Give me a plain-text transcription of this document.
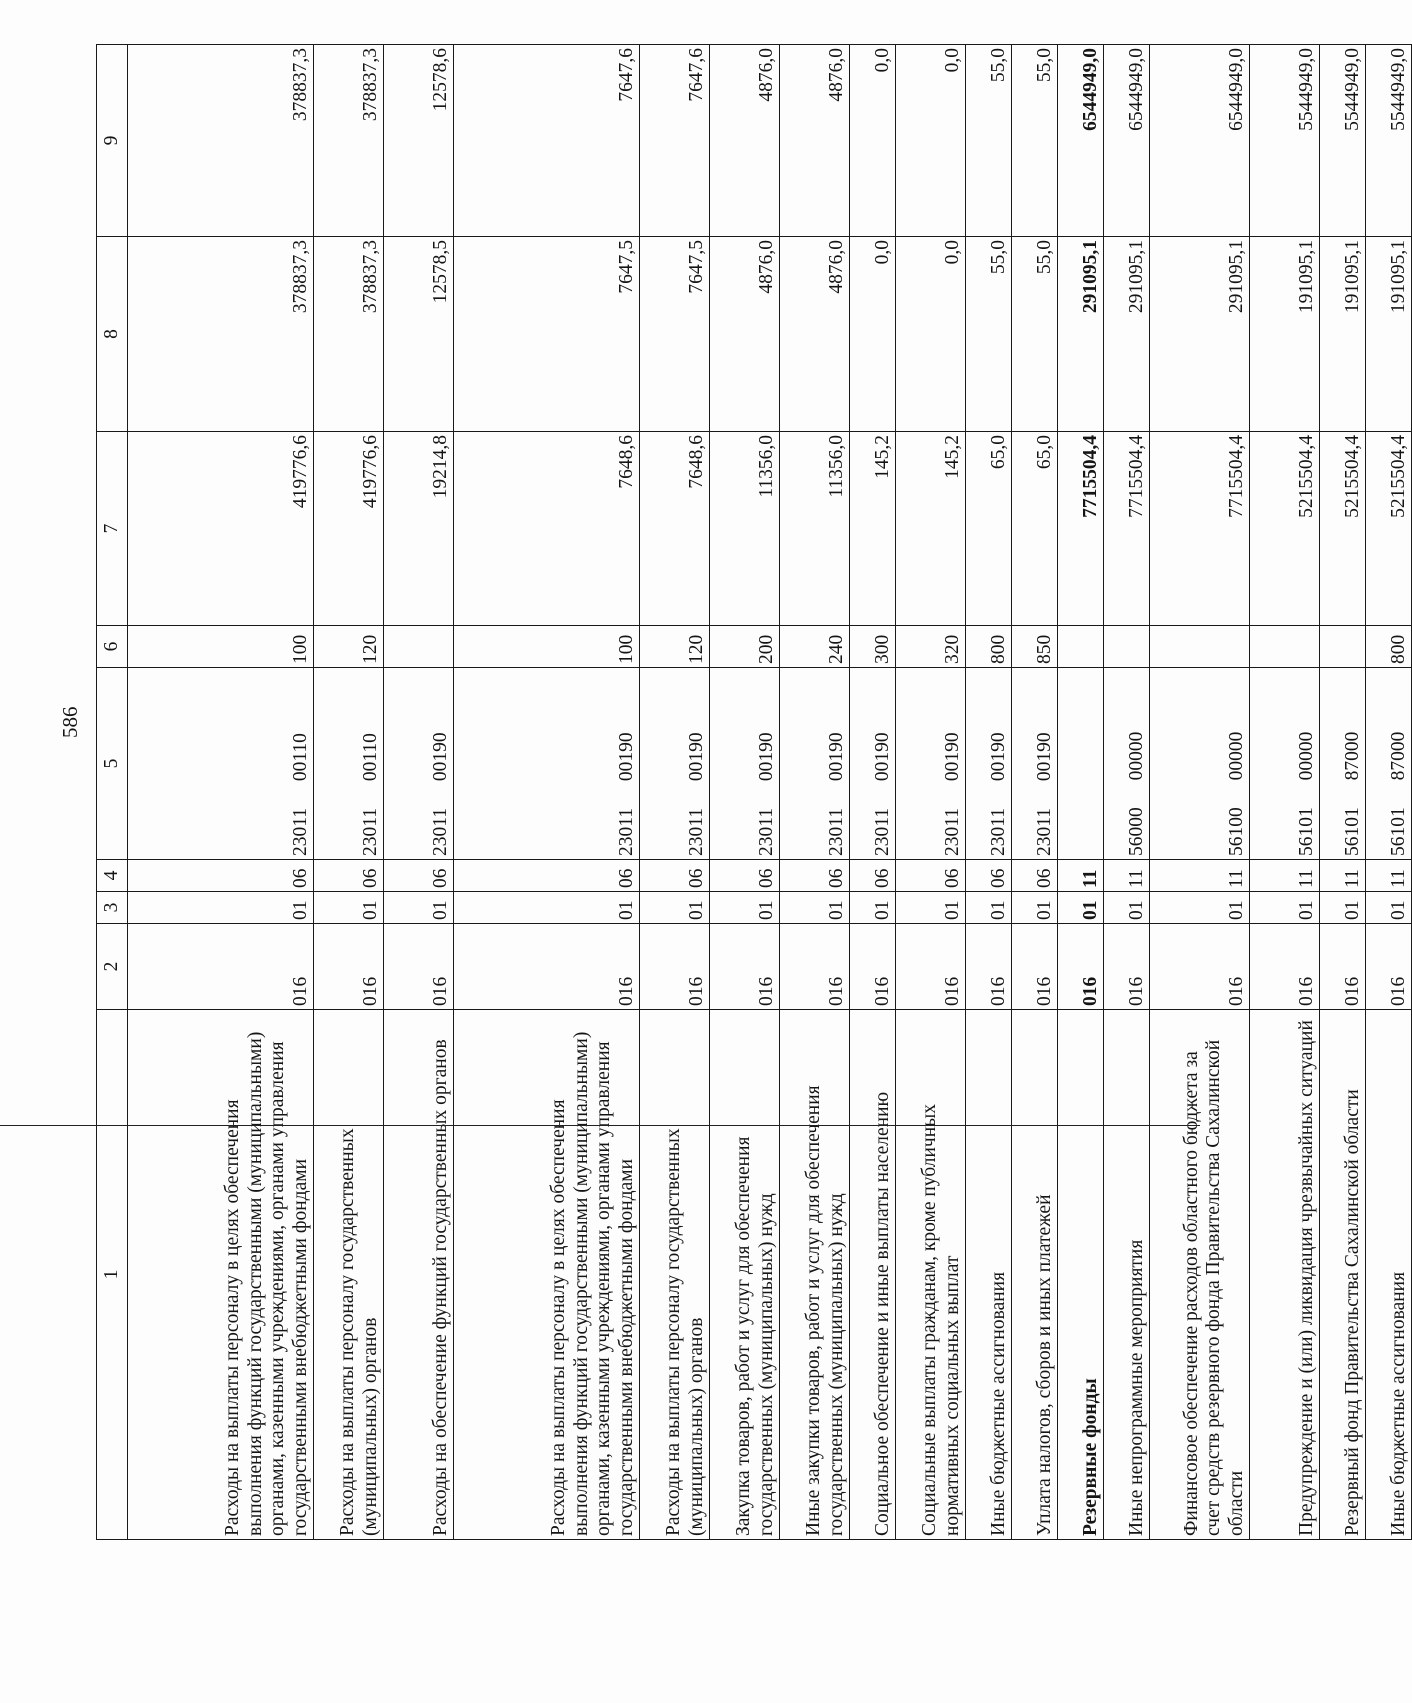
1	2	3	4	5	6	7	8	9
Расходы на выплаты персоналу в целях обеспечения выполнения функций государственными (муниципальными) органами, казенными учреждениями, органами управления государственными внебюджетными фондами	016	01	06	23011 00110	100	419776,6	378837,3	378837,3
Расходы на выплаты персоналу государственных (муниципальных) органов	016	01	06	23011 00110	120	419776,6	378837,3	378837,3
Расходы на обеспечение функций государственных органов	016	01	06	23011 00190		19214,8	12578,5	12578,6
Расходы на выплаты персоналу в целях обеспечения выполнения функций государственными (муниципальными) органами, казенными учреждениями, органами управления государственными внебюджетными фондами	016	01	06	23011 00190	100	7648,6	7647,5	7647,6
Расходы на выплаты персоналу государственных (муниципальных) органов	016	01	06	23011 00190	120	7648,6	7647,5	7647,6
Закупка товаров, работ и услуг для обеспечения государственных (муниципальных) нужд	016	01	06	23011 00190	200	11356,0	4876,0	4876,0
Иные закупки товаров, работ и услуг для обеспечения государственных (муниципальных) нужд	016	01	06	23011 00190	240	11356,0	4876,0	4876,0
Социальное обеспечение и иные выплаты населению	016	01	06	23011 00190	300	145,2	0,0	0,0
Социальные выплаты гражданам, кроме публичных нормативных социальных выплат	016	01	06	23011 00190	320	145,2	0,0	0,0
Иные бюджетные ассигнования	016	01	06	23011 00190	800	65,0	55,0	55,0
Уплата налогов, сборов и иных платежей	016	01	06	23011 00190	850	65,0	55,0	55,0
Резервные фонды	016	01	11			7715504,4	291095,1	6544949,0
Иные непрограммные мероприятия	016	01	11	56000 00000		7715504,4	291095,1	6544949,0
Финансовое обеспечение расходов областного бюджета за счет средств резервного фонда Правительства Сахалинской области	016	01	11	56100 00000		7715504,4	291095,1	6544949,0
Предупреждение и (или) ликвидация чрезвычайных ситуаций	016	01	11	56101 00000		5215504,4	191095,1	5544949,0
Резервный фонд Правительства Сахалинской области	016	01	11	56101 87000		5215504,4	191095,1	5544949,0
Иные бюджетные ассигнования	016	01	11	56101 87000	800	5215504,4	191095,1	5544949,0
586
